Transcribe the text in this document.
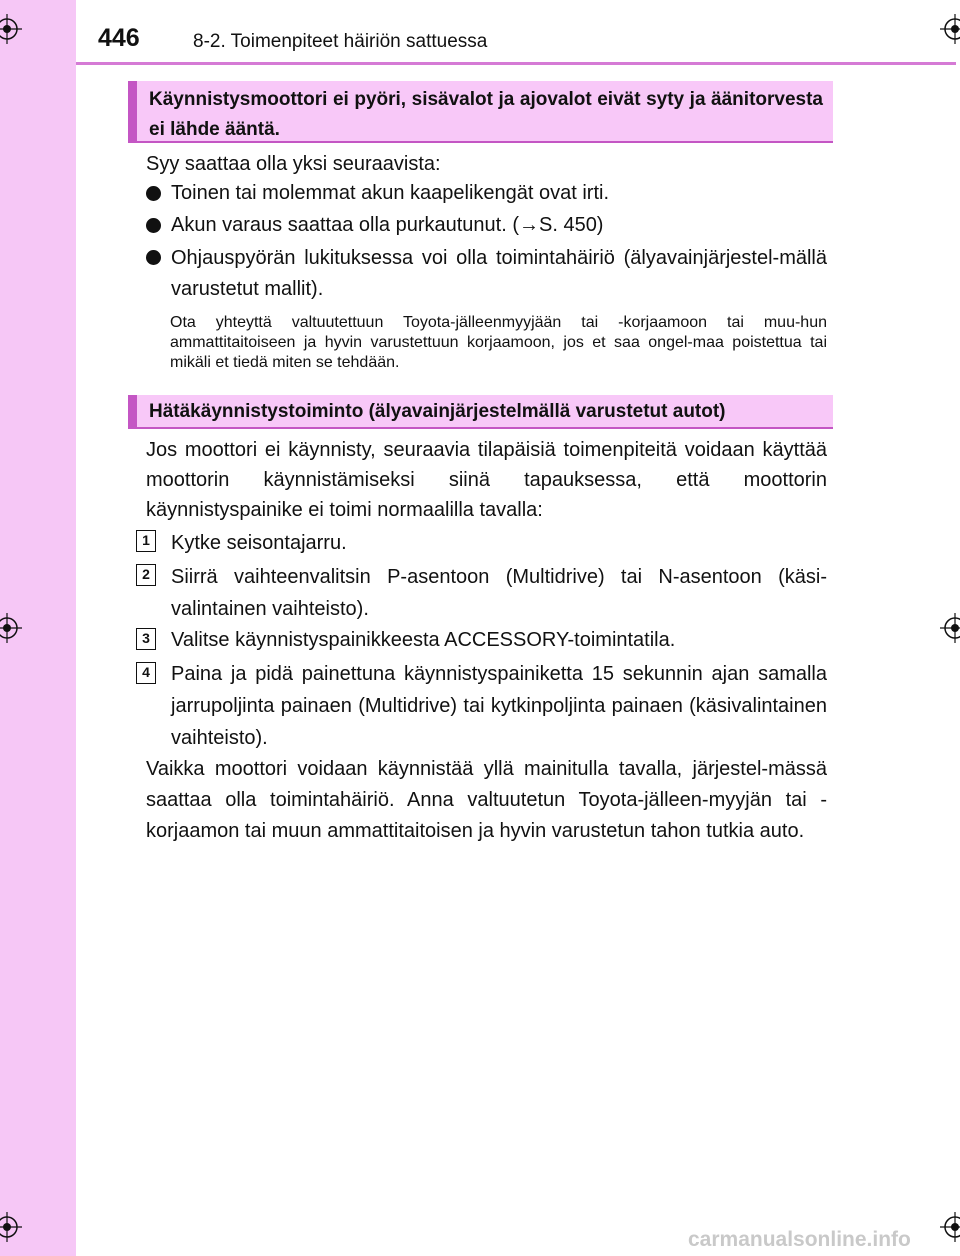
446	8-2. Toimenpiteet häiriön sattuessa
Käynnistysmoottori ei pyöri, sisävalot ja ajovalot eivät syty ja äänitorvesta ei lähde ääntä.
Syy saattaa olla yksi seuraavista:
Toinen tai molemmat akun kaapelikengät ovat irti.
Akun varaus saattaa olla purkautunut. (→S. 450)
Ohjauspyörän lukituksessa voi olla toimintahäiriö (älyavainjärjestel-mällä varustetut mallit).
Ota yhteyttä valtuutettuun Toyota-jälleenmyyjään tai -korjaamoon tai muu-hun ammattitaitoiseen ja hyvin varustettuun korjaamoon, jos et saa ongel-maa poistettua tai mikäli et tiedä miten se tehdään.
Hätäkäynnistystoiminto (älyavainjärjestelmällä varustetut autot)
Jos moottori ei käynnisty, seuraavia tilapäisiä toimenpiteitä voidaan käyttää moottorin käynnistämiseksi siinä tapauksessa, että moottorin käynnistyspainike ei toimi normaalilla tavalla:
1	Kytke seisontajarru.
2	Siirrä vaihteenvalitsin P-asentoon (Multidrive) tai N-asentoon (käsi-valintainen vaihteisto).
3	Valitse käynnistyspainikkeesta ACCESSORY-toimintatila.
4	Paina ja pidä painettuna käynnistyspainiketta 15 sekunnin ajan samalla jarrupoljinta painaen (Multidrive) tai kytkinpoljinta painaen (käsivalintainen vaihteisto).
Vaikka moottori voidaan käynnistää yllä mainitulla tavalla, järjestel-mässä saattaa olla toimintahäiriö. Anna valtuutetun Toyota-jälleen-myyjän tai -korjaamon tai muun ammattitaitoisen ja hyvin varustetun tahon tutkia auto.
carmanualsonline.info
